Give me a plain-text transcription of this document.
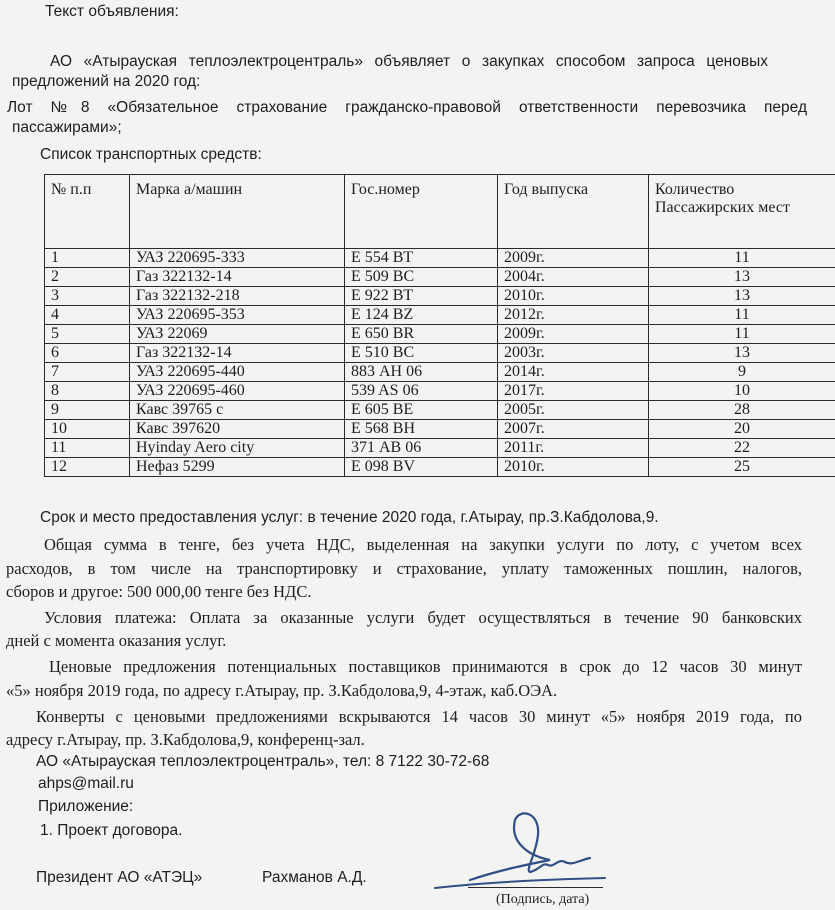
Текст объявления:
АО «Атырауская теплоэлектроцентраль» объявляет о закупках способом запроса ценовых
предложений на 2020 год:
Лот №8 «Обязательное страхование гражданско-правовой ответственности перевозчика перед
пассажирами»;
Список транспортных средств:
№ п.п	Марка а/машин	Гос.номер	Год выпуска	Количество Пассажирских мест
1	УАЗ 220695-333	Е 554 ВТ	2009г.	11
2	Газ 322132-14	Е 509 ВС	2004г.	13
3	Газ 322132-218	Е 922 ВТ	2010г.	13
4	УАЗ 220695-353	Е 124 ВZ	2012г.	11
5	УАЗ 22069	Е 650 ВR	2009г.	11
6	Газ 322132-14	Е 510 ВС	2003г.	13
7	УАЗ 220695-440	883 АН 06	2014г.	9
8	УАЗ 220695-460	539 AS 06	2017г.	10
9	Кавс 39765 с	Е 605 ВЕ	2005г.	28
10	Кавс 397620	Е 568 ВН	2007г.	20
11	Hyinday Aero city	371 АВ 06	2011г.	22
12	Нефаз 5299	Е 098 BV	2010г.	25
Срок и место предоставления услуг: в течение 2020 года, г.Атырау, пр.З.Кабдолова,9.
Общая сумма в тенге, без учета НДС, выделенная на закупки услуги по лоту, с учетом всех
расходов, в том числе на транспортировку и страхование, уплату таможенных пошлин, налогов,
сборов и другое: 500 000,00 тенге без НДС.
Условия платежа: Оплата за оказанные услуги будет осуществляться в течение 90 банковских
дней с момента оказания услуг.
Ценовые предложения потенциальных поставщиков принимаются в срок до 12 часов 30 минут
«5» ноября 2019 года, по адресу г.Атырау, пр. З.Кабдолова,9, 4-этаж, каб.ОЭА.
Конверты с ценовыми предложениями вскрываются 14 часов 30 минут «5» ноября 2019 года, по
адресу г.Атырау, пр. З.Кабдолова,9, конференц-зал.
АО «Атырауская теплоэлектроцентраль», тел: 8 7122 30-72-68
ahps@mail.ru
Приложение:
1. Проект договора.
Президент АО «АТЭЦ»	Рахманов А.Д.
(Подпись, дата)
